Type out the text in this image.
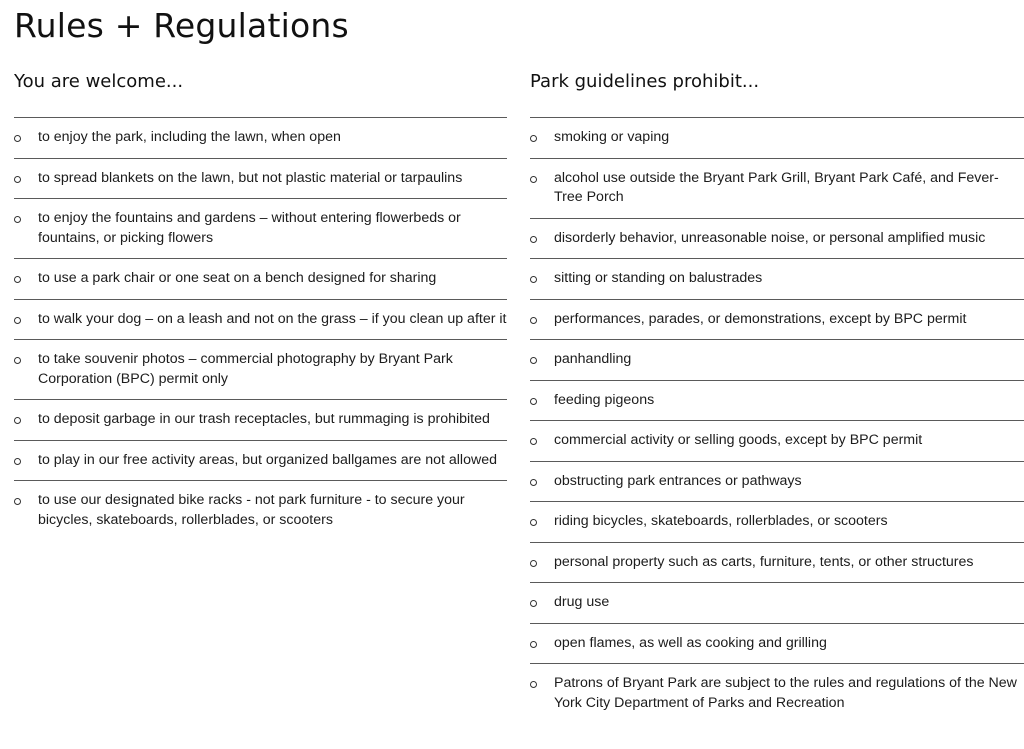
Rules + Regulations
You are welcome...
to enjoy the park, including the lawn, when open
to spread blankets on the lawn, but not plastic material or tarpaulins
to enjoy the fountains and gardens – without entering flowerbeds or fountains, or picking flowers
to use a park chair or one seat on a bench designed for sharing
to walk your dog – on a leash and not on the grass – if you clean up after it
to take souvenir photos – commercial photography by Bryant Park Corporation (BPC) permit only
to deposit garbage in our trash receptacles, but rummaging is prohibited
to play in our free activity areas, but organized ballgames are not allowed
to use our designated bike racks - not park furniture - to secure your bicycles, skateboards, rollerblades, or scooters
Park guidelines prohibit...
smoking or vaping
alcohol use outside the Bryant Park Grill, Bryant Park Café, and Fever-Tree Porch
disorderly behavior, unreasonable noise, or personal amplified music
sitting or standing on balustrades
performances, parades, or demonstrations, except by BPC permit
panhandling
feeding pigeons
commercial activity or selling goods, except by BPC permit
obstructing park entrances or pathways
riding bicycles, skateboards, rollerblades, or scooters
personal property such as carts, furniture, tents, or other structures
drug use
open flames, as well as cooking and grilling
Patrons of Bryant Park are subject to the rules and regulations of the New York City Department of Parks and Recreation
